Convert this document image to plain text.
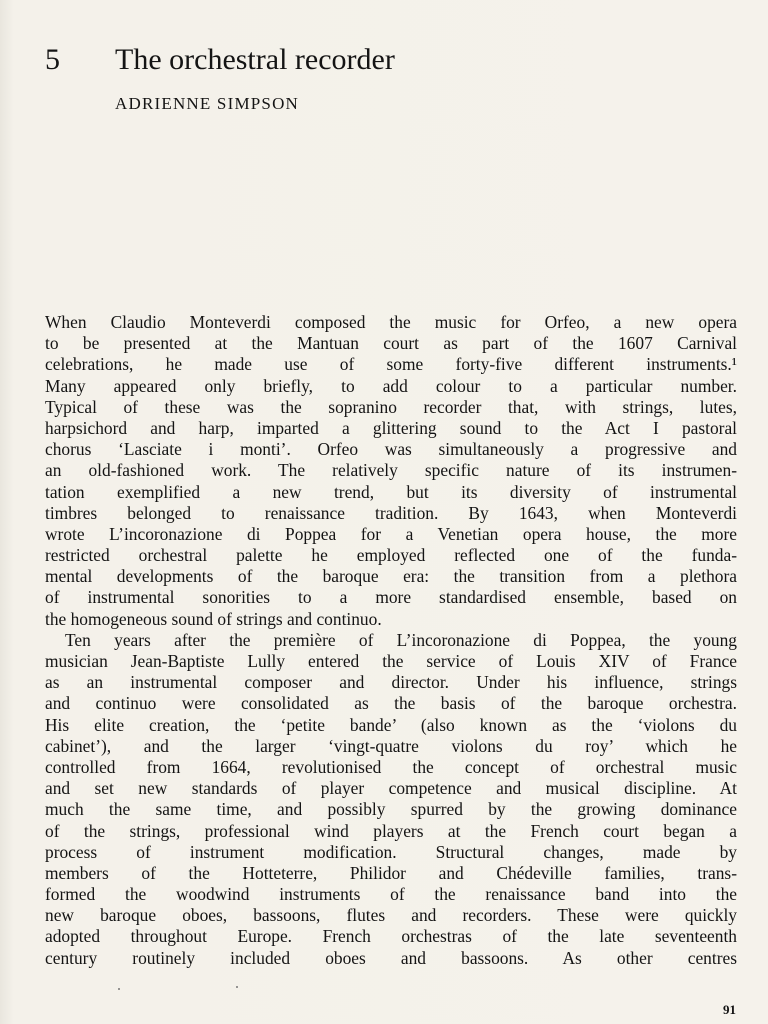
5 The orchestral recorder
ADRIENNE SIMPSON
When Claudio Monteverdi composed the music for Orfeo, a new opera
to be presented at the Mantuan court as part of the 1607 Carnival
celebrations, he made use of some forty-five different instruments.¹
Many appeared only briefly, to add colour to a particular number.
Typical of these was the sopranino recorder that, with strings, lutes,
harpsichord and harp, imparted a glittering sound to the Act I pastoral
chorus ‘Lasciate i monti’. Orfeo was simultaneously a progressive and
an old-fashioned work. The relatively specific nature of its instrumen-
tation exemplified a new trend, but its diversity of instrumental
timbres belonged to renaissance tradition. By 1643, when Monteverdi
wrote L’incoronazione di Poppea for a Venetian opera house, the more
restricted orchestral palette he employed reflected one of the funda-
mental developments of the baroque era: the transition from a plethora
of instrumental sonorities to a more standardised ensemble, based on
the homogeneous sound of strings and continuo.
Ten years after the première of L’incoronazione di Poppea, the young
musician Jean-Baptiste Lully entered the service of Louis XIV of France
as an instrumental composer and director. Under his influence, strings
and continuo were consolidated as the basis of the baroque orchestra.
His elite creation, the ‘petite bande’ (also known as the ‘violons du
cabinet’), and the larger ‘vingt-quatre violons du roy’ which he
controlled from 1664, revolutionised the concept of orchestral music
and set new standards of player competence and musical discipline. At
much the same time, and possibly spurred by the growing dominance
of the strings, professional wind players at the French court began a
process of instrument modification. Structural changes, made by
members of the Hotteterre, Philidor and Chédeville families, trans-
formed the woodwind instruments of the renaissance band into the
new baroque oboes, bassoons, flutes and recorders. These were quickly
adopted throughout Europe. French orchestras of the late seventeenth
century routinely included oboes and bassoons. As other centres
91
